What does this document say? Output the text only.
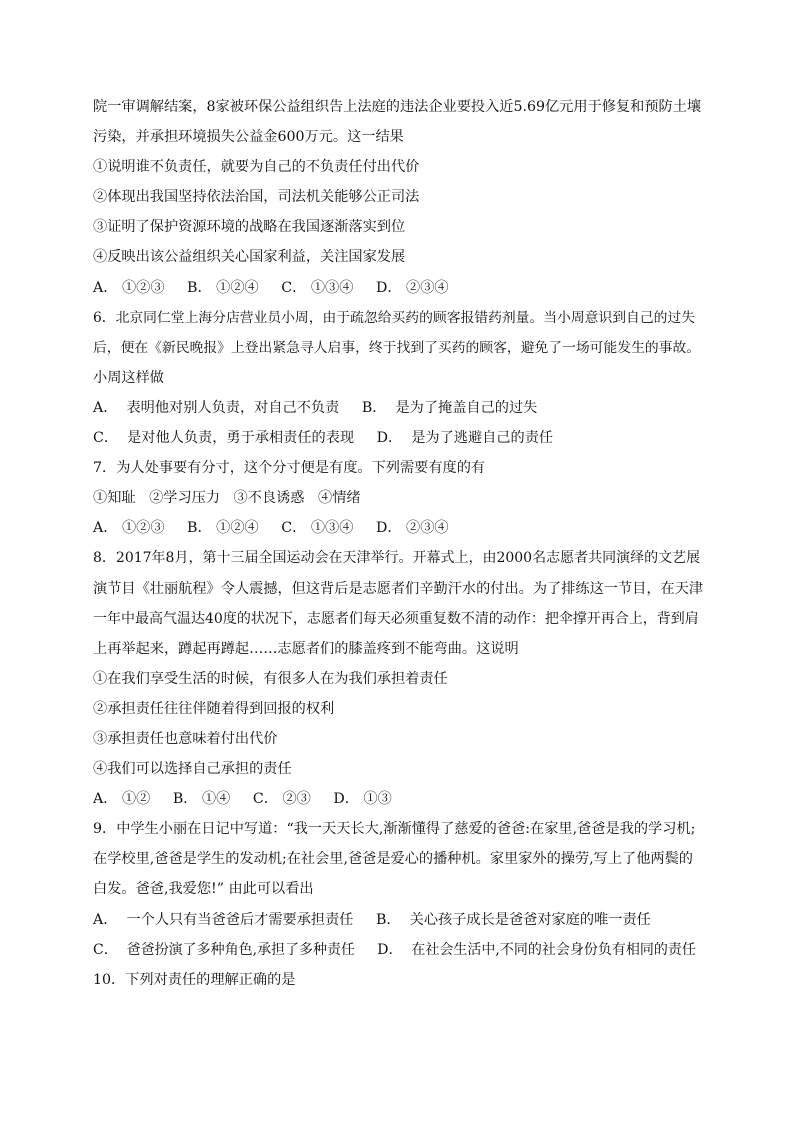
院一审调解结案，8家被环保公益组织告上法庭的违法企业要投入近5.69亿元用于修复和预防土壤
污染，并承担环境损失公益金600万元。这一结果
①说明谁不负责任，就要为自己的不负责任付出代价
②体现出我国坚持依法治国，司法机关能够公正司法
③证明了保护资源环境的战略在我国逐渐落实到位
④反映出该公益组织关心国家利益，关注国家发展
A． ①②③     B． ①②④     C． ①③④     D． ②③④
6．北京同仁堂上海分店营业员小周，由于疏忽给买药的顾客报错药剂量。当小周意识到自己的过失
后，便在《新民晚报》上登出紧急寻人启事，终于找到了买药的顾客，避免了一场可能发生的事故。
小周这样做
A．  表明他对别人负责，对自己不负责     B．  是为了掩盖自己的过失
C．  是对他人负责，勇于承相责任的表现     D．  是为了逃避自己的责任
7．为人处事要有分寸，这个分寸便是有度。下列需要有度的有
①知耻   ②学习压力   ③不良诱惑   ④情绪
A． ①②③     B． ①②④     C． ①③④     D． ②③④
8．2017年8月，第十三届全国运动会在天津举行。开幕式上，由2000名志愿者共同演绎的文艺展
演节目《壮丽航程》令人震撼，但这背后是志愿者们辛勤汗水的付出。为了排练这一节目，在天津
一年中最高气温达40度的状况下，志愿者们每天必须重复数不清的动作：把伞撑开再合上，背到肩
上再举起来，蹲起再蹲起……志愿者们的膝盖疼到不能弯曲。这说明
①在我们享受生活的时候，有很多人在为我们承担着责任
②承担责任往往伴随着得到回报的权利
③承担责任也意味着付出代价
④我们可以选择自己承担的责任
A． ①②     B． ①④     C． ②③     D． ①③
9．中学生小丽在日记中写道：“我一天天长大,渐渐懂得了慈爱的爸爸:在家里,爸爸是我的学习机;
在学校里,爸爸是学生的发动机;在社会里,爸爸是爱心的播种机。家里家外的操劳,写上了他两鬓的
白发。爸爸,我爱您!” 由此可以看出
A．  一个人只有当爸爸后才需要承担责任     B．  关心孩子成长是爸爸对家庭的唯一责任
C．  爸爸扮演了多种角色,承担了多种责任     D．  在社会生活中,不同的社会身份负有相同的责任
10．下列对责任的理解正确的是
